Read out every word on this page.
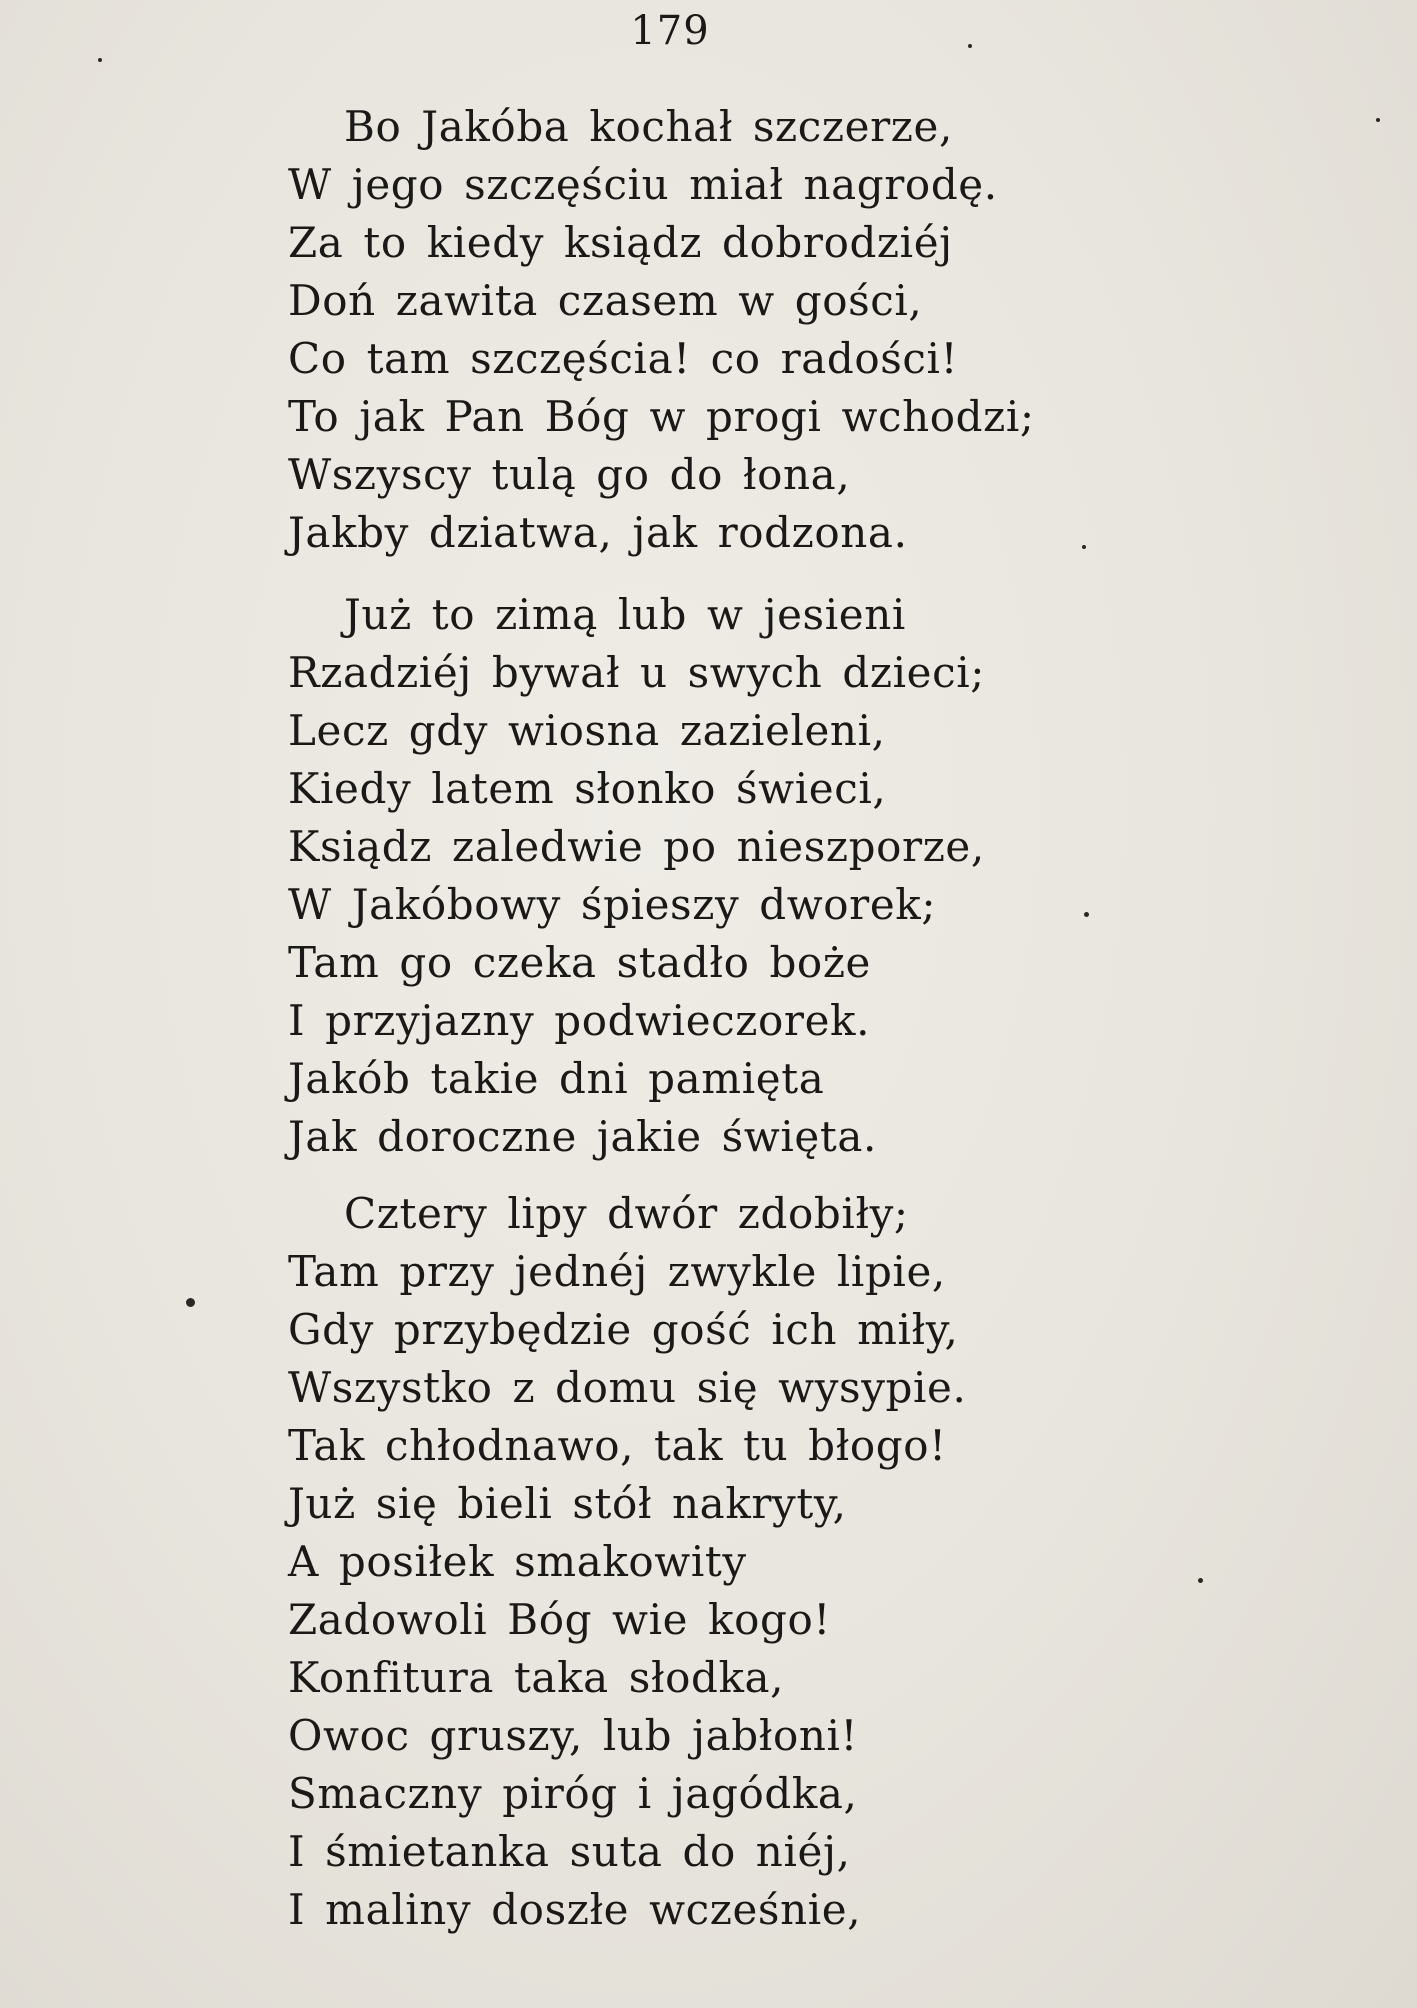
179
Bo Jakóba kochał szczerze,
W jego szczęściu miał nagrodę.
Za to kiedy ksiądz dobrodziéj
Doń zawita czasem w gości,
Co tam szczęścia! co radości!
To jak Pan Bóg w progi wchodzi;
Wszyscy tulą go do łona,
Jakby dziatwa, jak rodzona.
Już to zimą lub w jesieni
Rzadziéj bywał u swych dzieci;
Lecz gdy wiosna zazieleni,
Kiedy latem słonko świeci,
Ksiądz zaledwie po nieszporze,
W Jakóbowy śpieszy dworek;
Tam go czeka stadło boże
I przyjazny podwieczorek.
Jakób takie dni pamięta
Jak doroczne jakie święta.
Cztery lipy dwór zdobiły;
Tam przy jednéj zwykle lipie,
Gdy przybędzie gość ich miły,
Wszystko z domu się wysypie.
Tak chłodnawo, tak tu błogo!
Już się bieli stół nakryty,
A posiłek smakowity
Zadowoli Bóg wie kogo!
Konfitura taka słodka,
Owoc gruszy, lub jabłoni!
Smaczny piróg i jagódka,
I śmietanka suta do niéj,
I maliny doszłe wcześnie,
